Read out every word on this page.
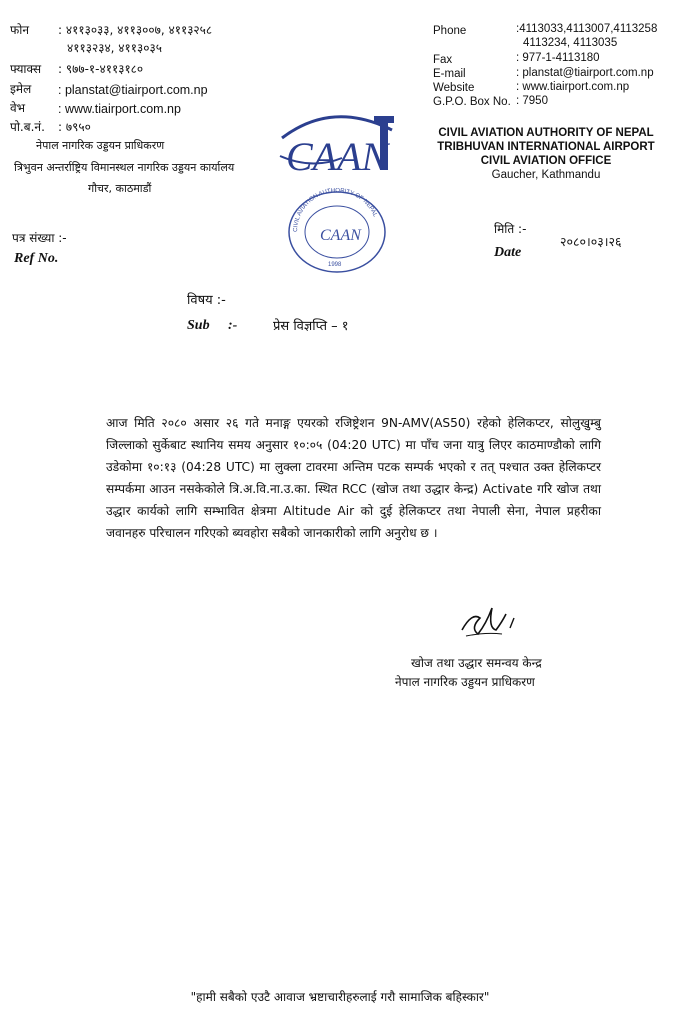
फोन : ४११३०३३, ४११३००७, ४११३२५८
४११३२३४, ४११३०३५
फ्याक्स : ९७७-१-४११३१८०
इमेल : planstat@tiairport.com.np
वेभ	: www.tiairport.com.np
पो.ब.नं. : ७९५०
नेपाल नागरिक उड्डयन प्राधिकरण
त्रिभुवन अन्तर्राष्ट्रिय विमानस्थल नागरिक उड्डयन कार्यालय
गौचर, काठमाडौं
Phone	:4113033,4113007,4113258
4113234, 4113035
Fax	: 977-1-4113180
E-mail	: planstat@tiairport.com.np
Website	: www.tiairport.com.np
G.P.O. Box No. : 7950
CIVIL AVIATION AUTHORITY OF NEPAL
TRIBHUVAN INTERNATIONAL AIRPORT
CIVIL AVIATION OFFICE
Gaucher, Kathmandu
CAAN
CIVIL AVIATION AUTHORITY OF NEPAL
CAAN
1998
पत्र संख्या :-
Ref No.
मिति :-
Date
२०८०।०३।२६
विषय :-
Sub :-	प्रेस विज्ञप्ति – १

आज मिति २०८० असार २६ गते मनाङ्ग एयरको रजिष्ट्रेशन 9N-AMV(AS50) रहेको हेलिकप्टर, सोलुखुम्बु जिल्लाको सुर्केबाट स्थानिय समय अनुसार १०:०५ (04:20 UTC) मा पाँच जना यात्रु लिएर काठमाण्डौको लागि उडेकोमा १०:१३ (04:28 UTC) मा लुक्ला टावरमा अन्तिम पटक सम्पर्क भएको र तत् पश्चात उक्त हेलिकप्टर सम्पर्कमा आउन नसकेकोले त्रि.अ.वि.ना.उ.का. स्थित RCC (खोज तथा उद्धार केन्द्र) Activate गरि खोज तथा उद्धार कार्यको लागि सम्भावित क्षेत्रमा Altitude Air को दुई हेलिकप्टर तथा नेपाली सेना, नेपाल प्रहरीका जवानहरु परिचालन गरिएको ब्यवहोरा सबैको जानकारीको लागि अनुरोध छ ।

खोज तथा उद्धार समन्वय केन्द्र
नेपाल नागरिक उड्डयन प्राधिकरण
"हामी सबैको एउटै आवाज भ्रष्टाचारीहरुलाई गरौ सामाजिक बहिस्कार"
